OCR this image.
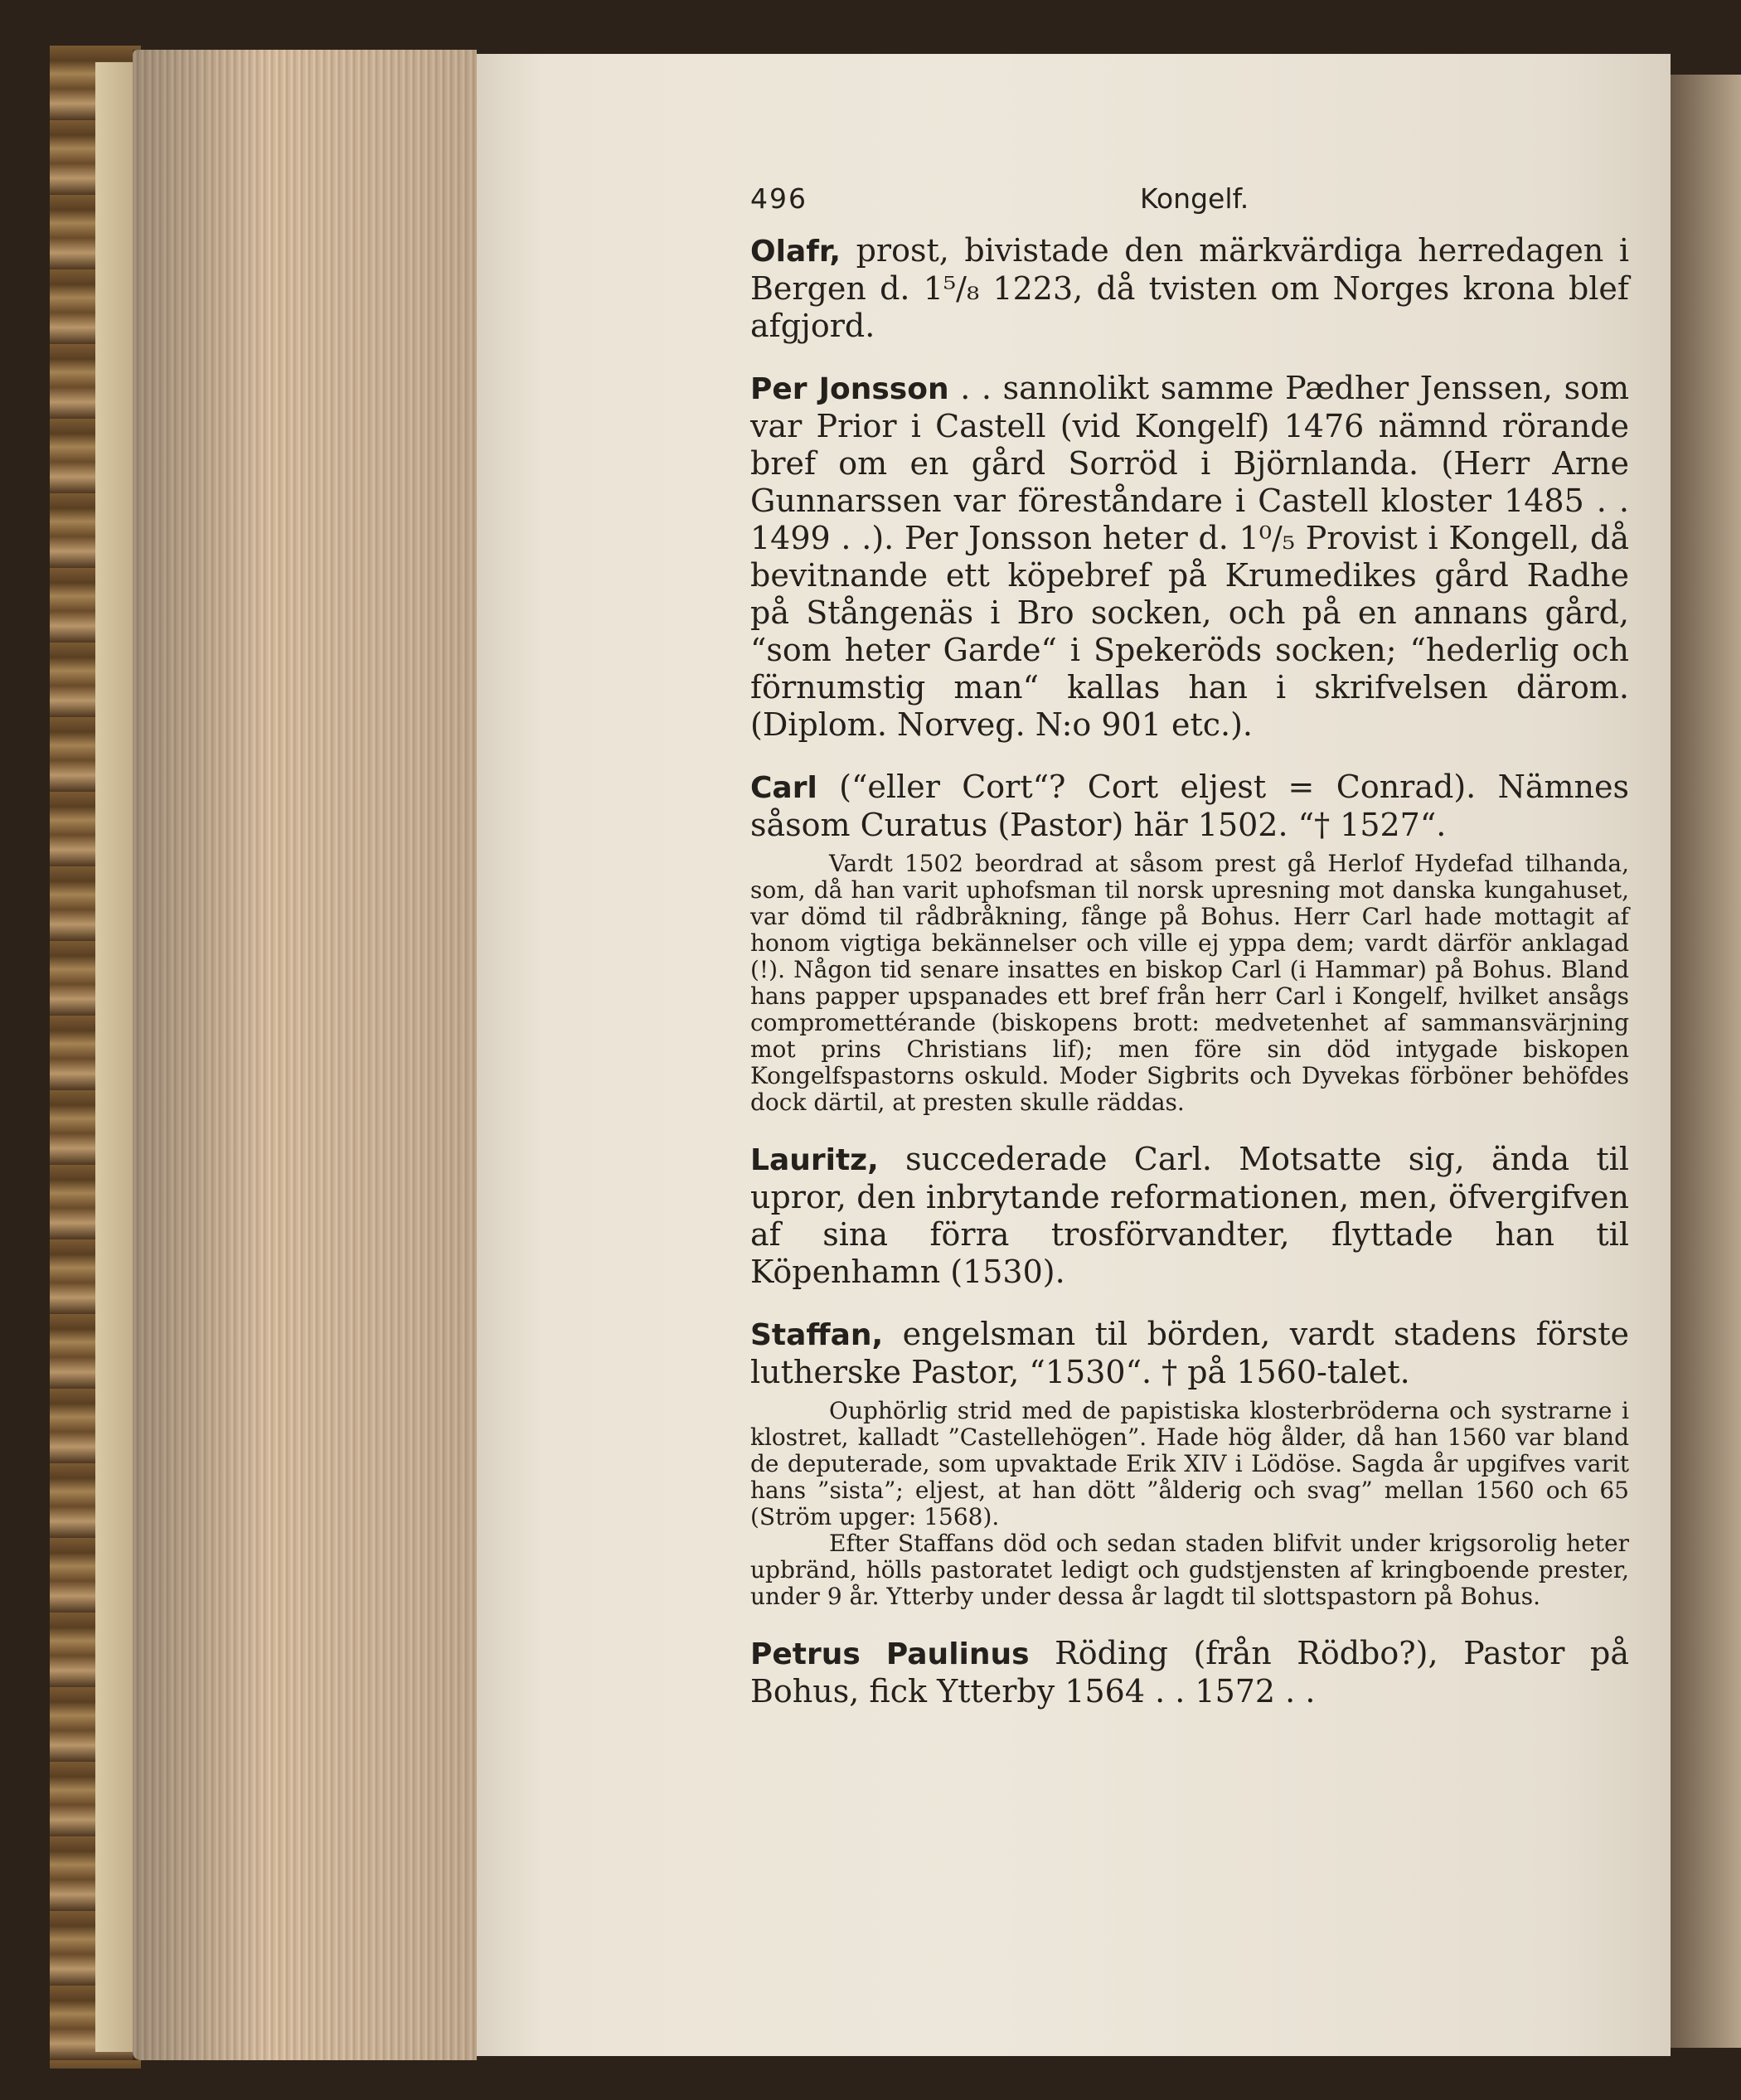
496	Kongelf.

Olafr, prost, bivistade den märkvärdiga herredagen i Bergen d. 1⁵/₈ 1223, då tvisten om Norges krona blef afgjord.

Per Jonsson . . sannolikt samme Pædher Jenssen, som var Prior i Castell (vid Kongelf) 1476 nämnd rörande bref om en gård Sorröd i Björnlanda. (Herr Arne Gunnarssen var föreståndare i Castell kloster 1485 . . 1499 . .). Per Jonsson heter d. 1⁰/₅ Provist i Kongell, då bevitnande ett köpebref på Krumedikes gård Radhe på Stångenäs i Bro socken, och på en annans gård, “som heter Garde“ i Spekeröds socken; “hederlig och förnumstig man“ kallas han i skrifvelsen därom. (Diplom. Norveg. N:o 901 etc.).

Carl (“eller Cort“? Cort eljest = Conrad). Nämnes såsom Curatus (Pastor) här 1502. “† 1527“.

Vardt 1502 beordrad at såsom prest gå Herlof Hydefad tilhanda, som, då han varit uphofsman til norsk upresning mot danska kungahuset, var dömd til rådbråkning, fånge på Bohus. Herr Carl hade mottagit af honom vigtiga bekännelser och ville ej yppa dem; vardt därför anklagad (!). Någon tid senare insattes en biskop Carl (i Hammar) på Bohus. Bland hans papper upspanades ett bref från herr Carl i Kongelf, hvilket ansågs compromettérande (biskopens brott: medvetenhet af sammansvärjning mot prins Christians lif); men före sin död intygade biskopen Kongelfspastorns oskuld. Moder Sigbrits och Dyvekas förböner behöfdes dock därtil, at presten skulle räddas.

Lauritz, succederade Carl. Motsatte sig, ända til upror, den inbrytande reformationen, men, öfvergifven af sina förra trosförvandter, flyttade han til Köpenhamn (1530).

Staffan, engelsman til börden, vardt stadens förste lutherske Pastor, “1530“. † på 1560-talet.

Ouphörlig strid med de papistiska klosterbröderna och systrarne i klostret, kalladt ”Castellehögen”. Hade hög ålder, då han 1560 var bland de deputerade, som upvaktade Erik XIV i Lödöse. Sagda år upgifves varit hans ”sista”; eljest, at han dött ”ålderig och svag” mellan 1560 och 65 (Ström upger: 1568).

Efter Staffans död och sedan staden blifvit under krigsorolig heter upbränd, hölls pastoratet ledigt och gudstjensten af kringboende prester, under 9 år. Ytterby under dessa år lagdt til slottspastorn på Bohus.

Petrus Paulinus Röding (från Rödbo?), Pastor på Bohus, fick Ytterby 1564 . . 1572 . .
